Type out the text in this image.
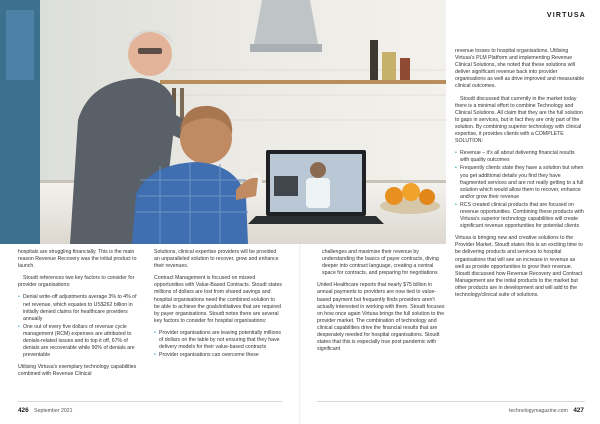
VIRTUSA

hospitals are struggling financially. This is the main reason Revenue Recovery was the initial product to launch.

Stoudt references two key factors to consider for provider organisations:

• Denial write-off adjustments average 3% to 4% of net revenue, which equates to US$262 billion in initially denied claims for healthcare providers annually
• One out of every five dollars of revenue cycle management (RCM) expenses are attributed to denials-related issues and to top it off, 67% of denials are recoverable while 90% of denials are preventable

Utilising Virtusa's exemplary technology capabilities combined with Revenue Clinical

Solutions, clinical expertise providers will be provided an unparalleled solution to recover, grow and enhance their revenues.

Contract Management is focused on missed opportunities with Value-Based Contracts. Stoudt states millions of dollars are lost from shared savings and hospital organisations need the combined solution to be able to achieve the goals/initiatives that are required by payer organisations. Stoudt notes there are several key factors to consider for hospital organisations:

• Provider organisations are leaving potentially millions of dollars on the table by not ensuring that they have delivery models for their value-based contracts
• Provider organisations can overcome these

challenges and maximise their revenue by understanding the basics of payer contracts, diving deeper into contract language, creating a central space for contracts, and preparing for negotiations

United Healthcare reports that nearly $75 billion in annual payments to providers are now tied to value-based payment but frequently finds providers aren't actually interested in working with them. Stoudt focuses on how once again Virtusa brings the full solution to the provider market. The combination of technology and clinical capabilities drive the financial results that are desperately needed for hospital organisations. Stoudt states that this is especially true post pandemic with significant

revenue losses to hospital organisations. Utilising Virtusa's PLM Platform and implementing Revenue Clinical Solutions, she noted that these solutions will deliver significant revenue back into provider organisations as well as drive improved and measurable clinical outcomes.

Stoudt discussed that currently in the market today there is a minimal effort to combine Technology and Clinical Solutions. All claim that they are the full solution to gaps in services, but in fact they are only part of the solution. By combining superior technology with clinical expertise, it provides clients with a COMPLETE SOLUTION:

• Revenue – it's all about delivering financial results with quality outcomes
• Frequently clients state they have a solution but when you get additional details you find they have fragmented services and are not really getting to a full solution which would allow them to recover, enhance and/or grow their revenue
• RCS created clinical products that are focused on revenue opportunities. Combining these products with Virtusa's superior technology capabilities will create significant revenue opportunities for potential clients

Virtusa is bringing new and creative solutions to the Provider Market. Stoudt states this is an exciting time to be delivering products and services to hospital organisations that will see an increase in revenue as well as provide opportunities to grow their revenue. Stoudt discussed how Revenue Recovery and Contract Management are the initial products to the market but other products are in development and will add to the technology/clinical suite of solutions.

426 September 2021	technologymagazine.com 427
